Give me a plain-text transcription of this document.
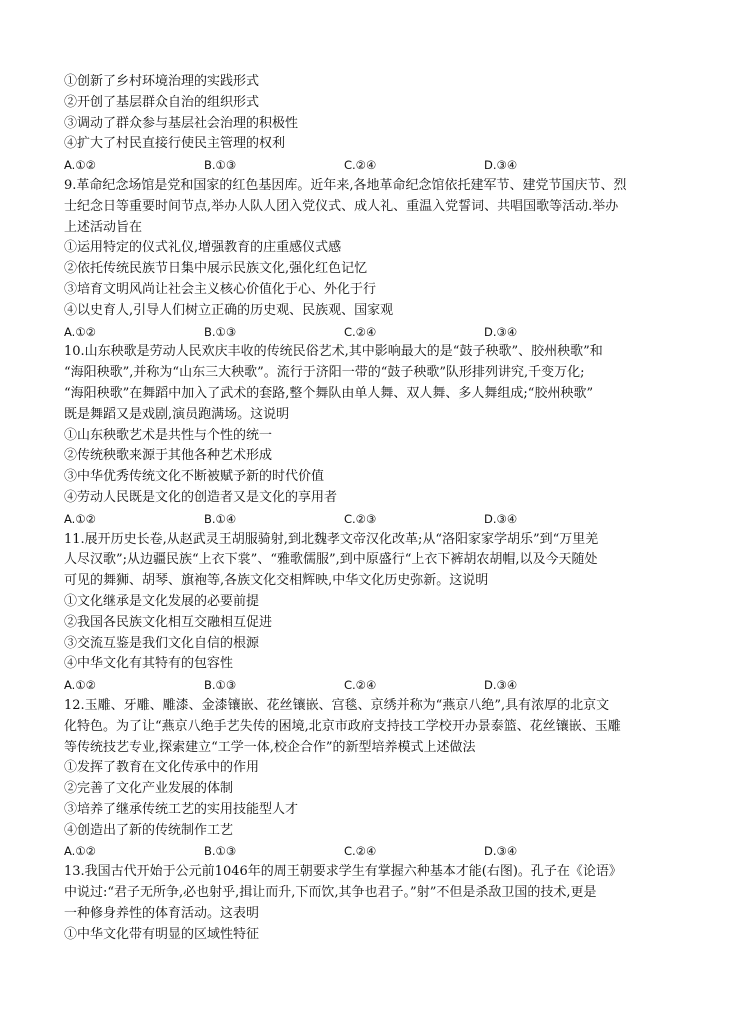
①创新了乡村环境治理的实践形式
②开创了基层群众自治的组织形式
③调动了群众参与基层社会治理的积极性
④扩大了村民直接行使民主管理的权利
A.①②	B.①③	C.②④	D.③④
9.革命纪念场馆是党和国家的红色基因库。近年来,各地革命纪念馆依托建军节、建党节国庆节、烈
士纪念日等重要时间节点,举办人队人团入党仪式、成人礼、重温入党誓词、共唱国歌等活动.举办
上述活动旨在
①运用特定的仪式礼仪,增强教育的庄重感仪式感
②依托传统民族节日集中展示民族文化,强化红色记忆
③培育文明风尚让社会主义核心价值化于心、外化于行
④以史育人,引导人们树立正确的历史观、民族观、国家观
A.①②	B.①③	C.②④	D.③④
10.山东秧歌是劳动人民欢庆丰收的传统民俗艺术,其中影响最大的是“鼓子秧歌”、胶州秧歌”和
“海阳秧歌”,并称为“山东三大秧歌”。流行于济阳一带的“鼓子秧歌”队形排列讲究,千变万化;
“海阳秧歌”在舞蹈中加入了武术的套路,整个舞队由单人舞、双人舞、多人舞组成;“胶州秧歌”
既是舞蹈又是戏剧,演员跑满场。这说明
①山东秧歌艺术是共性与个性的统一
②传统秧歌来源于其他各种艺术形成
③中华优秀传统文化不断被赋予新的时代价值
④劳动人民既是文化的创造者又是文化的享用者
A.①②	B.①④	C.②③	D.③④
11.展开历史长卷,从赵武灵王胡服骑射,到北魏孝文帝汉化改革;从“洛阳家家学胡乐”到“万里羌
人尽汉歌”;从边疆民族“上衣下裳”、“雅歌儒服”,到中原盛行“上衣下裤胡农胡帽,以及今天随处
可见的舞狮、胡琴、旗袍等,各族文化交相辉映,中华文化历史弥新。这说明
①文化继承是文化发展的必要前提
②我国各民族文化相互交融相互促进
③交流互鉴是我们文化自信的根源
④中华文化有其特有的包容性
A.①②	B.①③	C.②④	D.③④
12.玉雕、牙雕、雕漆、金漆镶嵌、花丝镶嵌、宫毯、京绣并称为“燕京八绝”,具有浓厚的北京文
化特色。为了让“燕京八绝手艺失传的困境,北京市政府支持技工学校开办景泰篮、花丝镶嵌、玉雕
等传统技艺专业,探索建立“工学一体,校企合作”的新型培养模式上述做法
①发挥了教育在文化传承中的作用
②完善了文化产业发展的体制
③培养了继承传统工艺的实用技能型人才
④创造出了新的传统制作工艺
A.①②	B.①③	C.②④	D.③④
13.我国古代开始于公元前1046年的周王朝要求学生有掌握六种基本才能(右图)。孔子在《论语》
中说过:“君子无所争,必也射乎,揖让而升,下而饮,其争也君子。”射”不但是杀敌卫国的技术,更是
一种修身养性的体育活动。这表明
①中华文化带有明显的区域性特征
